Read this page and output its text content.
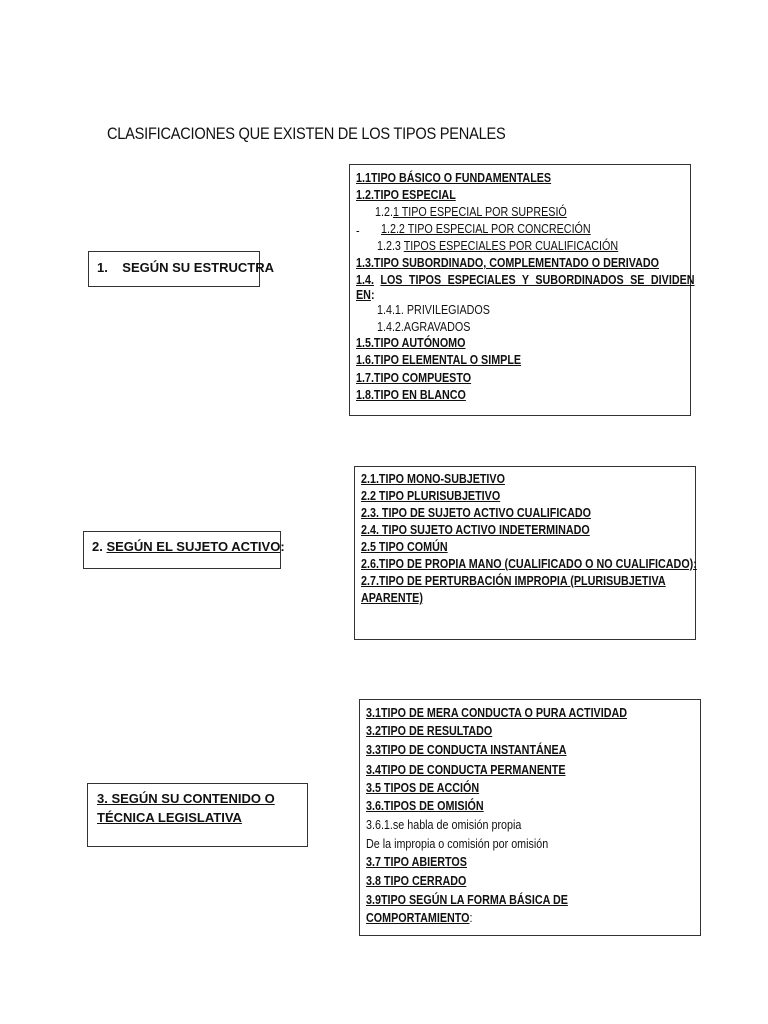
CLASIFICACIONES QUE EXISTEN DE LOS TIPOS PENALES
1.    SEGÚN SU ESTRUCTRA
1.1TIPO BÁSICO O FUNDAMENTALES
1.2.TIPO ESPECIAL
1.2.1 TIPO ESPECIAL POR SUPRESIÓ
- 1.2.2 TIPO ESPECIAL POR CONCRECIÓN
1.2.3 TIPOS ESPECIALES POR CUALIFICACIÓN
1.3.TIPO SUBORDINADO, COMPLEMENTADO O DERIVADO
1.4. LOS TIPOS ESPECIALES Y SUBORDINADOS SE DIVIDEN
EN:
1.4.1. PRIVILEGIADOS
1.4.2.AGRAVADOS
1.5.TIPO AUTÓNOMO
1.6.TIPO ELEMENTAL O SIMPLE
1.7.TIPO COMPUESTO
1.8.TIPO EN BLANCO
2. SEGÚN EL SUJETO ACTIVO:
2.1.TIPO MONO-SUBJETIVO
2.2 TIPO PLURISUBJETIVO
2.3. TIPO DE SUJETO ACTIVO CUALIFICADO
2.4. TIPO SUJETO ACTIVO INDETERMINADO
2.5 TIPO COMÚN
2.6.TIPO DE PROPIA MANO (CUALIFICADO O NO CUALIFICADO):
2.7.TIPO DE PERTURBACIÓN IMPROPIA (PLURISUBJETIVA
APARENTE)
3. SEGÚN SU CONTENIDO O
TÉCNICA LEGISLATIVA
3.1TIPO DE MERA CONDUCTA O PURA ACTIVIDAD
3.2TIPO DE RESULTADO
3.3TIPO DE CONDUCTA INSTANTÁNEA
3.4TIPO DE CONDUCTA PERMANENTE
3.5 TIPOS DE ACCIÓN
3.6.TIPOS DE OMISIÓN
3.6.1.se habla de omisión propia
De la impropia o comisión por omisión
3.7 TIPO ABIERTOS
3.8 TIPO CERRADO
3.9TIPO SEGÚN LA FORMA BÁSICA DE
COMPORTAMIENTO:
